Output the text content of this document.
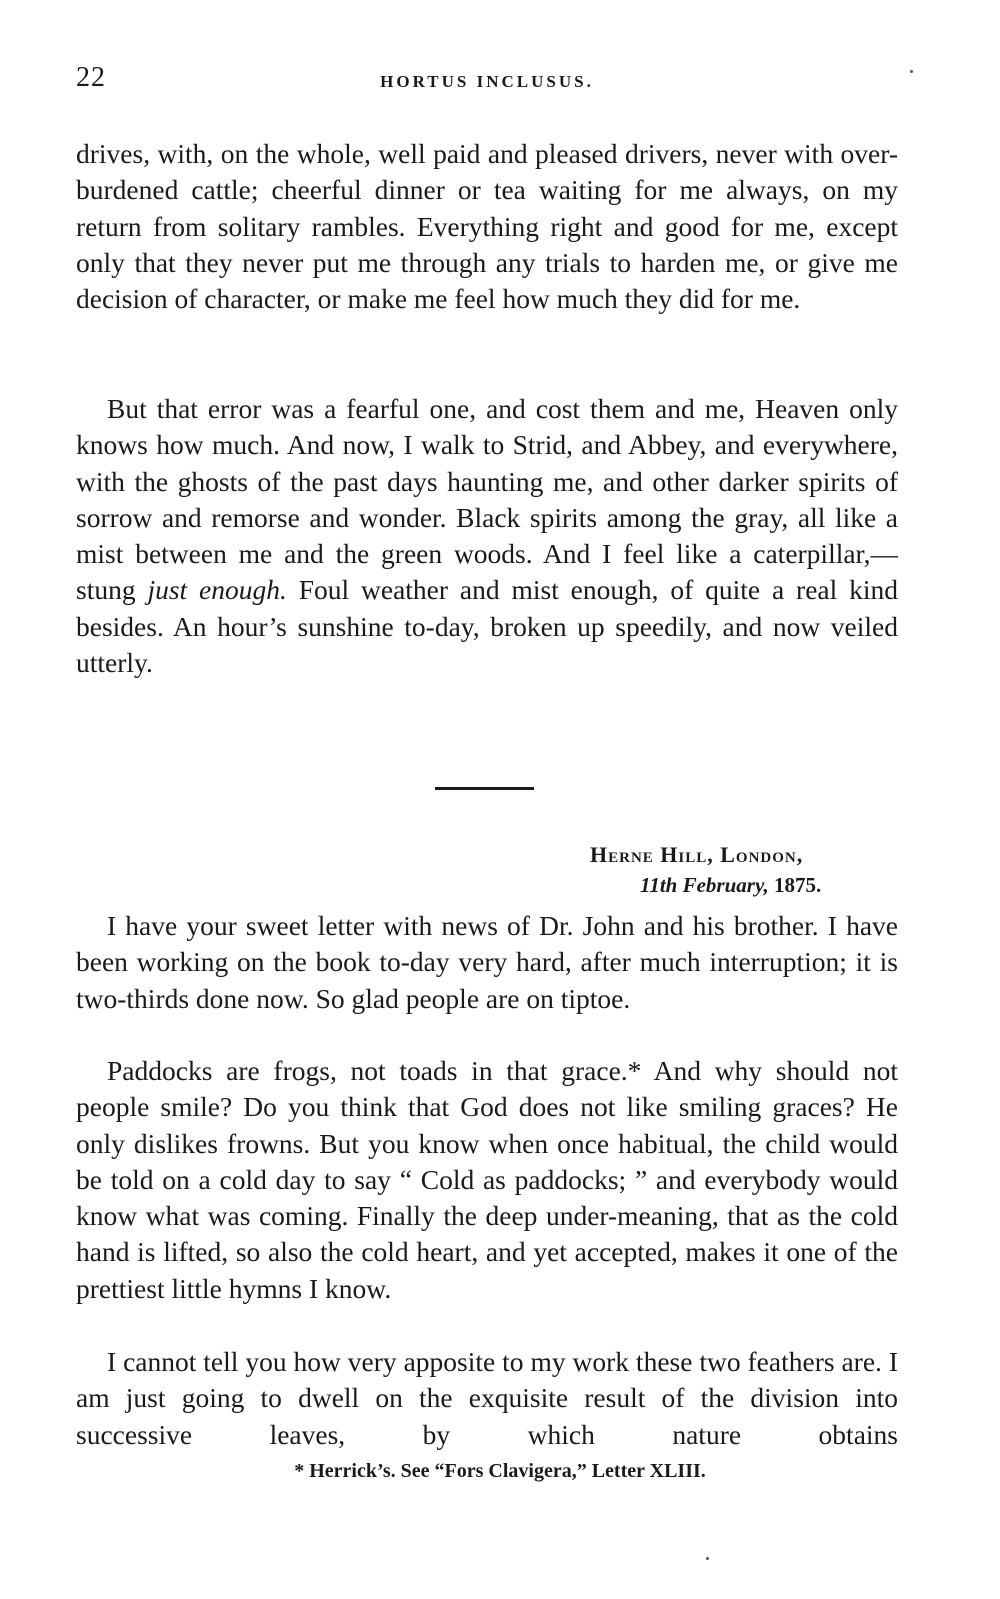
22	HORTUS INCLUSUS.

drives, with, on the whole, well paid and pleased drivers, never with over-burdened cattle; cheerful dinner or tea waiting for me always, on my return from solitary rambles. Everything right and good for me, except only that they never put me through any trials to harden me, or give me decision of character, or make me feel how much they did for me.

But that error was a fearful one, and cost them and me, Heaven only knows how much. And now, I walk to Strid, and Abbey, and everywhere, with the ghosts of the past days haunting me, and other darker spirits of sorrow and remorse and wonder. Black spirits among the gray, all like a mist between me and the green woods. And I feel like a caterpillar,—stung just enough. Foul weather and mist enough, of quite a real kind besides. An hour’s sunshine to-day, broken up speedily, and now veiled utterly.

Herne Hill, London,
11th February, 1875.

I have your sweet letter with news of Dr. John and his brother. I have been working on the book to-day very hard, after much interruption; it is two-thirds done now. So glad people are on tiptoe.

Paddocks are frogs, not toads in that grace.* And why should not people smile? Do you think that God does not like smiling graces? He only dislikes frowns. But you know when once habitual, the child would be told on a cold day to say “ Cold as paddocks; ” and everybody would know what was coming. Finally the deep under-meaning, that as the cold hand is lifted, so also the cold heart, and yet accepted, makes it one of the prettiest little hymns I know.

I cannot tell you how very apposite to my work these two feathers are. I am just going to dwell on the exquisite result of the division into successive leaves, by which nature obtains

* Herrick’s. See “Fors Clavigera,” Letter XLIII.
